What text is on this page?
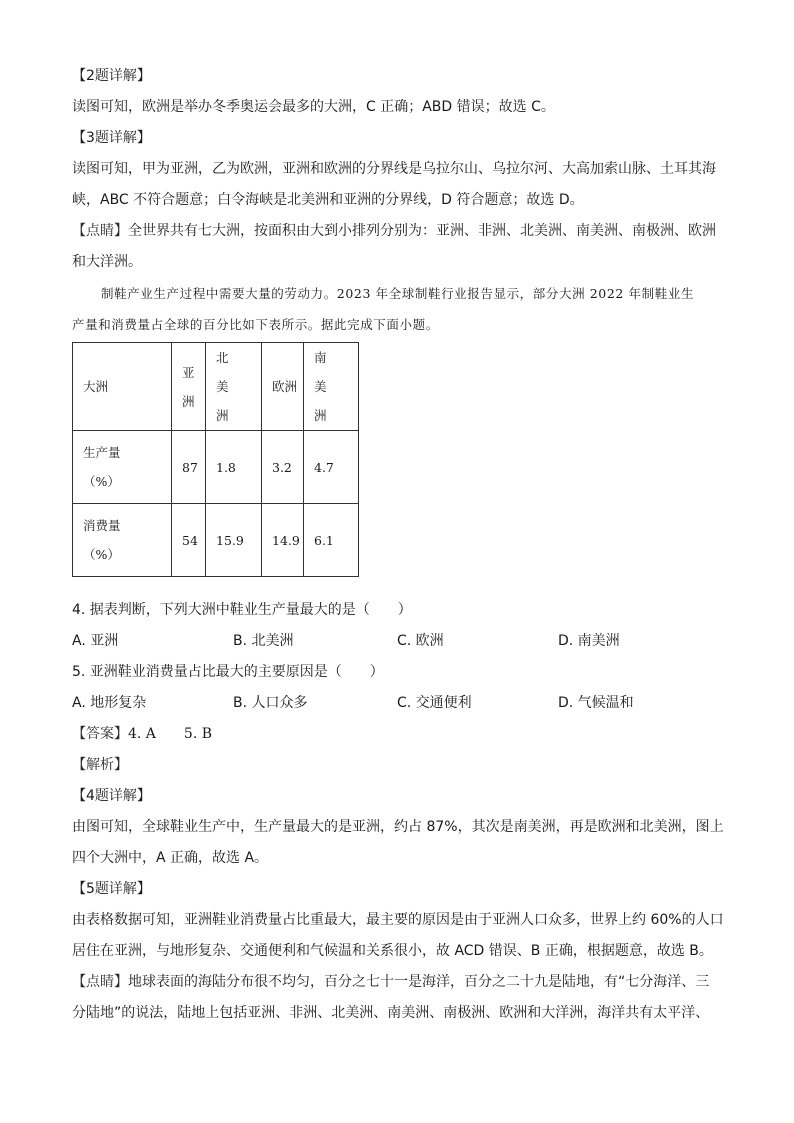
【2题详解】
读图可知，欧洲是举办冬季奥运会最多的大洲，C 正确；ABD 错误；故选 C。
【3题详解】
读图可知，甲为亚洲，乙为欧洲，亚洲和欧洲的分界线是乌拉尔山、乌拉尔河、大高加索山脉、土耳其海
峡，ABC 不符合题意；白令海峡是北美洲和亚洲的分界线，D 符合题意；故选 D。
【点睛】全世界共有七大洲，按面积由大到小排列分别为：亚洲、非洲、北美洲、南美洲、南极洲、欧洲
和大洋洲。
制鞋产业生产过程中需要大量的劳动力。2023 年全球制鞋行业报告显示，部分大洲 2022 年制鞋业生
产量和消费量占全球的百分比如下表所示。据此完成下面小题。
大洲	亚洲	北美洲	欧洲	南美洲

生产量
（%）	87	1.8	3.2	4.7

消费量
（%）	54	15.9	14.9	6.1
4. 据表判断，下列大洲中鞋业生产量最大的是（　　）
A. 亚洲	B. 北美洲	C. 欧洲	D. 南美洲
5. 亚洲鞋业消费量占比最大的主要原因是（　　）
A. 地形复杂	B. 人口众多	C. 交通便利	D. 气候温和
【答案】4. A　　5. B
【解析】
【4题详解】
由图可知，全球鞋业生产中，生产量最大的是亚洲，约占 87%，其次是南美洲，再是欧洲和北美洲，图上
四个大洲中，A 正确，故选 A。
【5题详解】
由表格数据可知，亚洲鞋业消费量占比重最大，最主要的原因是由于亚洲人口众多，世界上约 60%的人口
居住在亚洲，与地形复杂、交通便利和气候温和关系很小，故 ACD 错误、B 正确，根据题意，故选 B。
【点睛】地球表面的海陆分布很不均匀，百分之七十一是海洋，百分之二十九是陆地，有“七分海洋、三
分陆地”的说法，陆地上包括亚洲、非洲、北美洲、南美洲、南极洲、欧洲和大洋洲，海洋共有太平洋、
